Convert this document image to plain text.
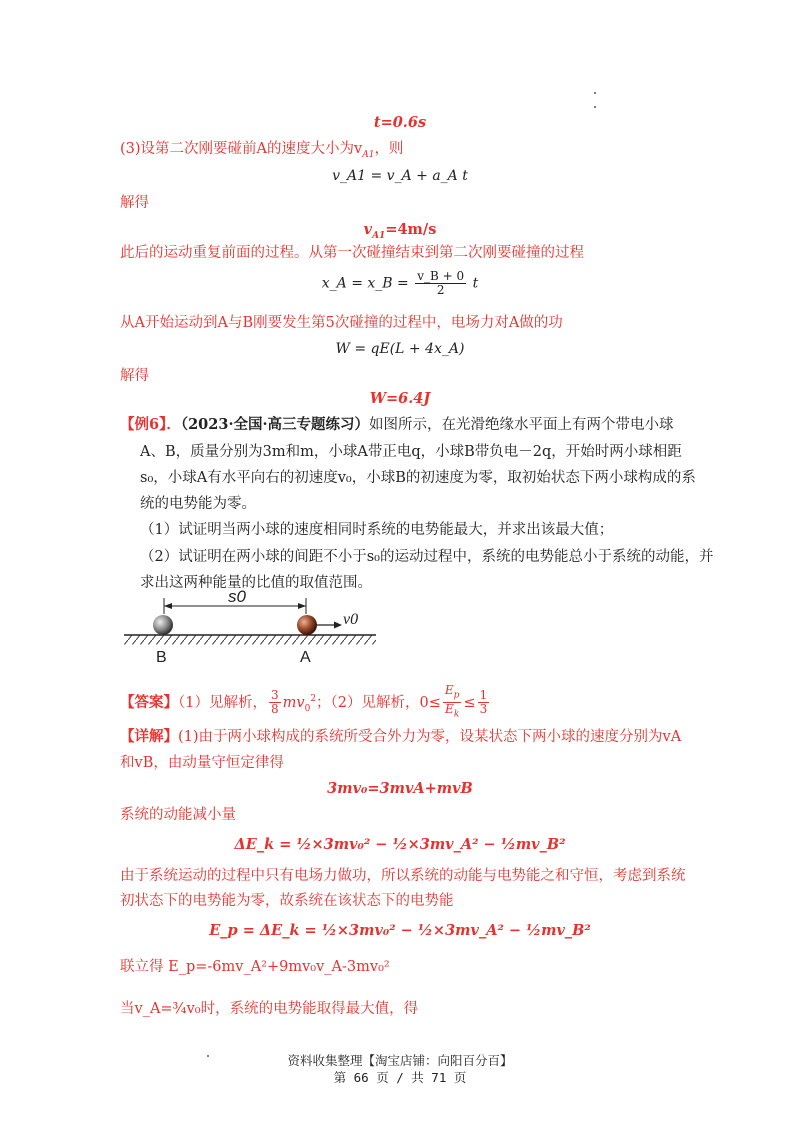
t=0.6s
(3)设第二次刚要碰前A的速度大小为$v_{A1}$，则
v_A1 = v_A + a_A t
解得
$v_{A1}=4m/s$
此后的运动重复前面的过程。从第一次碰撞结束到第二次刚要碰撞的过程
x_A = x_B = $\frac{v\_B + 0}{2}$ t
从A开始运动到A与B刚要发生第5次碰撞的过程中，电场力对A做的功
W = qE(L + 4x_A)
解得
W=6.4J
【例6】．（2023·全国·高三专题练习）如图所示，在光滑绝缘水平面上有两个带电小球
A、B，质量分别为3m和m，小球A带正电q，小球B带负电－2q，开始时两小球相距
s₀，小球A有水平向右的初速度v₀，小球B的初速度为零，取初始状态下两小球构成的系
统的电势能为零。
（1）试证明当两小球的速度相同时系统的电势能最大，并求出该最大值；
（2）试证明在两小球的间距不小于s₀的运动过程中，系统的电势能总小于系统的动能，并
求出这两种能量的比值的取值范围。
s0
v0
B	A
【答案】（1）见解析， $\frac{3}{8} mv_0^2$；（2）见解析，$0\le \frac{E_p}{E_k} \le \frac{1}{3}$
【详解】(1)由于两小球构成的系统所受合外力为零，设某状态下两小球的速度分别为vA
和vB，由动量守恒定律得
3mv₀=3mvA+mvB
系统的动能减小量
ΔE_k = ½×3mv₀² − ½×3mv_A² − ½mv_B²
由于系统运动的过程中只有电场力做功，所以系统的动能与电势能之和守恒，考虑到系统
初状态下的电势能为零，故系统在该状态下的电势能
E_p = ΔE_k = ½×3mv₀² − ½×3mv_A² − ½mv_B²
联立得 E_p=-6mv_A²+9mv₀v_A-3mv₀²
当v_A=¾v₀时，系统的电势能取得最大值，得
资料收集整理【淘宝店铺：向阳百分百】
第 66 页 / 共 71 页
